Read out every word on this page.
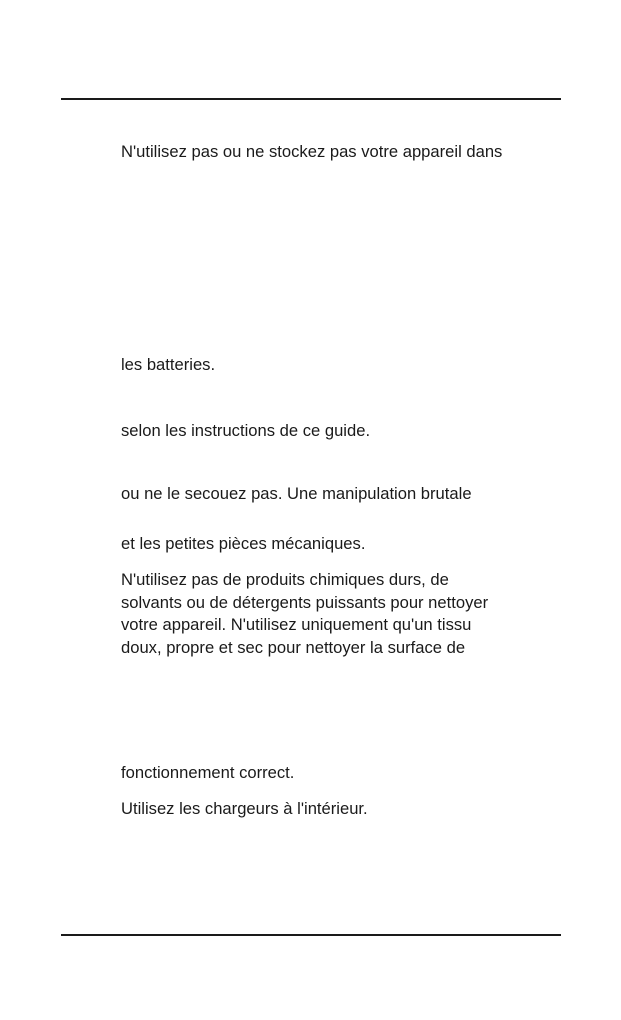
N'utilisez pas ou ne stockez pas votre appareil dans
les batteries.
selon les instructions de ce guide.
ou ne le secouez pas. Une manipulation brutale
et les petites pièces mécaniques.
N'utilisez pas de produits chimiques durs, de
solvants ou de détergents puissants pour nettoyer
votre appareil. N'utilisez uniquement qu'un tissu
doux, propre et sec pour nettoyer la surface de
fonctionnement correct.
Utilisez les chargeurs à l'intérieur.
